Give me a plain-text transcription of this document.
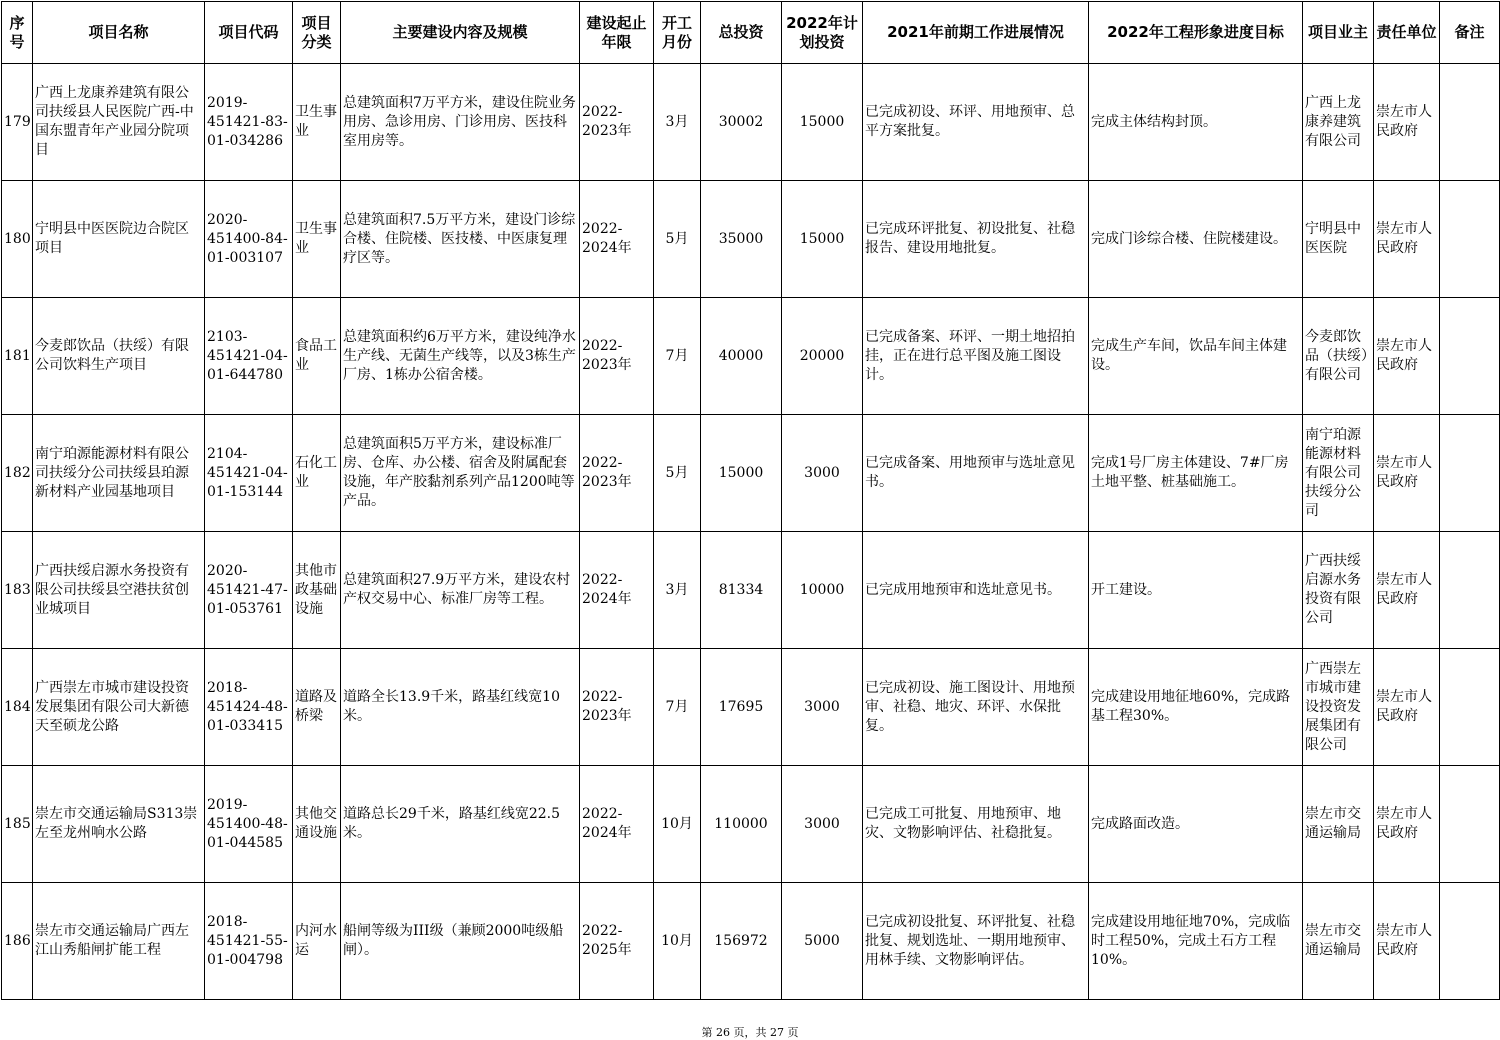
序号	项目名称	项目代码	项目分类	主要建设内容及规模	建设起止年限	开工月份	总投资	2022年计划投资	2021年前期工作进展情况	2022年工程形象进度目标	项目业主	责任单位	备注
179	广西上龙康养建筑有限公司扶绥县人民医院广西-中国东盟青年产业园分院项目	2019-451421-83-01-034286	卫生事业	总建筑面积7万平方米，建设住院业务用房、急诊用房、门诊用房、医技科室用房等。	2022-2023年	3月	30002	15000	已完成初设、环评、用地预审、总平方案批复。	完成主体结构封顶。	广西上龙康养建筑有限公司	崇左市人民政府	
180	宁明县中医医院边合院区项目	2020-451400-84-01-003107	卫生事业	总建筑面积7.5万平方米，建设门诊综合楼、住院楼、医技楼、中医康复理疗区等。	2022-2024年	5月	35000	15000	已完成环评批复、初设批复、社稳报告、建设用地批复。	完成门诊综合楼、住院楼建设。	宁明县中医医院	崇左市人民政府	
181	今麦郎饮品（扶绥）有限公司饮料生产项目	2103-451421-04-01-644780	食品工业	总建筑面积约6万平方米，建设纯净水生产线、无菌生产线等，以及3栋生产厂房、1栋办公宿舍楼。	2022-2023年	7月	40000	20000	已完成备案、环评、一期土地招拍挂，正在进行总平图及施工图设计。	完成生产车间，饮品车间主体建设。	今麦郎饮品（扶绥）有限公司	崇左市人民政府	
182	南宁珀源能源材料有限公司扶绥分公司扶绥县珀源新材料产业园基地项目	2104-451421-04-01-153144	石化工业	总建筑面积5万平方米，建设标准厂房、仓库、办公楼、宿舍及附属配套设施，年产胶黏剂系列产品1200吨等产品。	2022-2023年	5月	15000	3000	已完成备案、用地预审与选址意见书。	完成1号厂房主体建设、7#厂房土地平整、桩基础施工。	南宁珀源能源材料有限公司扶绥分公司	崇左市人民政府	
183	广西扶绥启源水务投资有限公司扶绥县空港扶贫创业城项目	2020-451421-47-01-053761	其他市政基础设施	总建筑面积27.9万平方米，建设农村产权交易中心、标准厂房等工程。	2022-2024年	3月	81334	10000	已完成用地预审和选址意见书。	开工建设。	广西扶绥启源水务投资有限公司	崇左市人民政府	
184	广西崇左市城市建设投资发展集团有限公司大新德天至硕龙公路	2018-451424-48-01-033415	道路及桥梁	道路全长13.9千米，路基红线宽10米。	2022-2023年	7月	17695	3000	已完成初设、施工图设计、用地预审、社稳、地灾、环评、水保批复。	完成建设用地征地60%，完成路基工程30%。	广西崇左市城市建设投资发展集团有限公司	崇左市人民政府	
185	崇左市交通运输局S313崇左至龙州响水公路	2019-451400-48-01-044585	其他交通设施	道路总长29千米，路基红线宽22.5米。	2022-2024年	10月	110000	3000	已完成工可批复、用地预审、地灾、文物影响评估、社稳批复。	完成路面改造。	崇左市交通运输局	崇左市人民政府	
186	崇左市交通运输局广西左江山秀船闸扩能工程	2018-451421-55-01-004798	内河水运	船闸等级为III级（兼顾2000吨级船闸）。	2022-2025年	10月	156972	5000	已完成初设批复、环评批复、社稳批复、规划选址、一期用地预审、用林手续、文物影响评估。	完成建设用地征地70%，完成临时工程50%，完成土石方工程10%。	崇左市交通运输局	崇左市人民政府	
第 26 页，共 27 页
